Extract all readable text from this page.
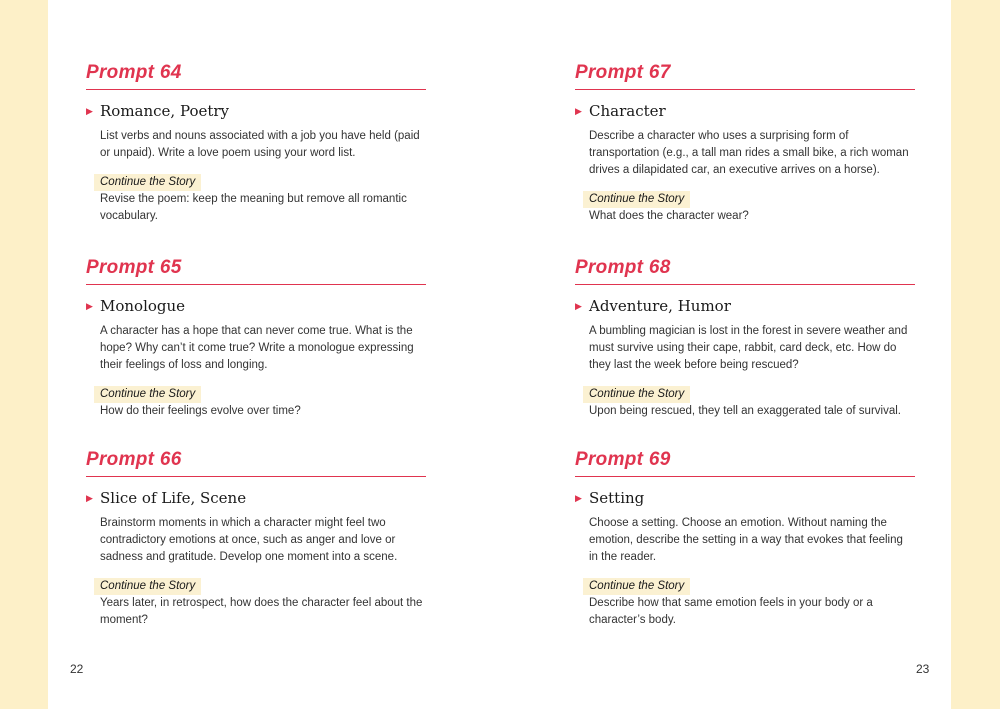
Prompt 64
▶ Romance, Poetry
List verbs and nouns associated with a job you have held (paid or unpaid). Write a love poem using your word list.
Continue the Story
Revise the poem: keep the meaning but remove all romantic vocabulary.
Prompt 65
▶ Monologue
A character has a hope that can never come true. What is the hope? Why can’t it come true? Write a monologue expressing their feelings of loss and longing.
Continue the Story
How do their feelings evolve over time?
Prompt 66
▶ Slice of Life, Scene
Brainstorm moments in which a character might feel two contradictory emotions at once, such as anger and love or sadness and gratitude. Develop one moment into a scene.
Continue the Story
Years later, in retrospect, how does the character feel about the moment?
22
Prompt 67
▶ Character
Describe a character who uses a surprising form of transportation (e.g., a tall man rides a small bike, a rich woman drives a dilapidated car, an executive arrives on a horse).
Continue the Story
What does the character wear?
Prompt 68
▶ Adventure, Humor
A bumbling magician is lost in the forest in severe weather and must survive using their cape, rabbit, card deck, etc. How do they last the week before being rescued?
Continue the Story
Upon being rescued, they tell an exaggerated tale of survival.
Prompt 69
▶ Setting
Choose a setting. Choose an emotion. Without naming the emotion, describe the setting in a way that evokes that feeling in the reader.
Continue the Story
Describe how that same emotion feels in your body or a character’s body.
23
